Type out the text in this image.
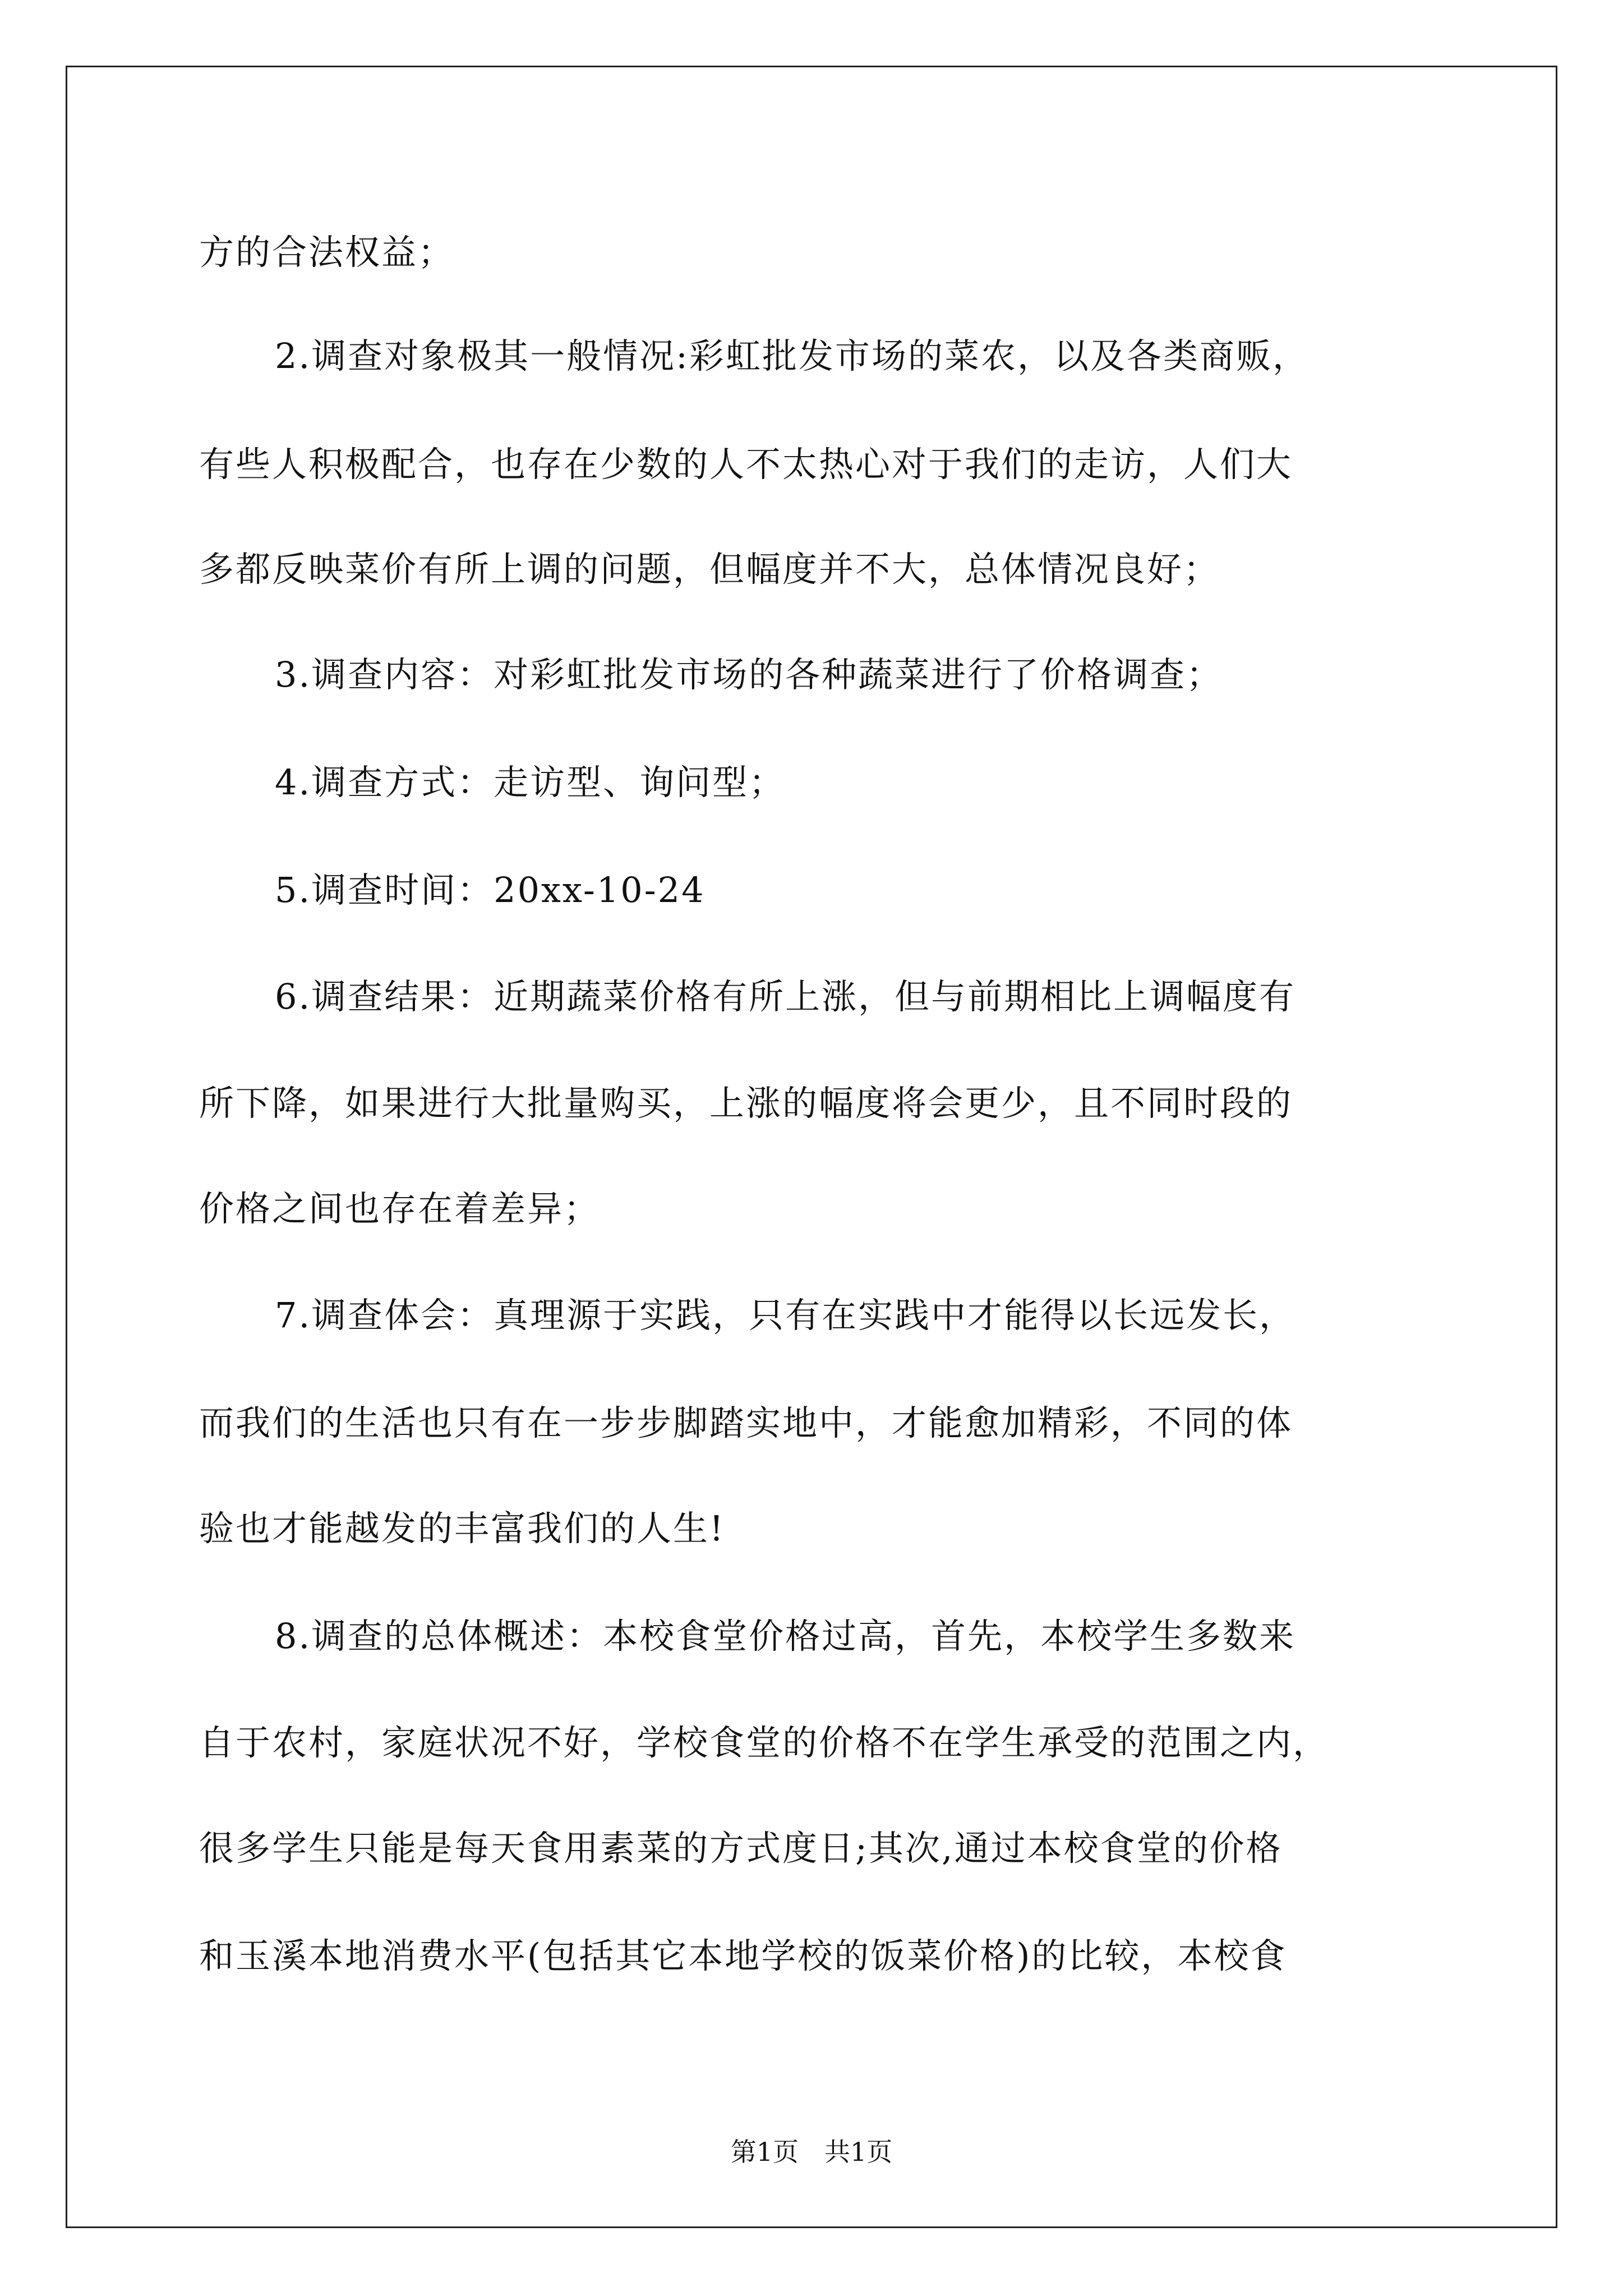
方的合法权益；

2.调查对象极其一般情况:彩虹批发市场的菜农，以及各类商贩，

有些人积极配合，也存在少数的人不太热心对于我们的走访，人们大

多都反映菜价有所上调的问题，但幅度并不大，总体情况良好；

3.调查内容：对彩虹批发市场的各种蔬菜进行了价格调查；

4.调查方式：走访型、询问型；

5.调查时间：20xx-10-24

6.调查结果：近期蔬菜价格有所上涨，但与前期相比上调幅度有

所下降，如果进行大批量购买，上涨的幅度将会更少，且不同时段的

价格之间也存在着差异；

7.调查体会：真理源于实践，只有在实践中才能得以长远发长，

而我们的生活也只有在一步步脚踏实地中，才能愈加精彩，不同的体

验也才能越发的丰富我们的人生!

8.调查的总体概述：本校食堂价格过高，首先，本校学生多数来

自于农村，家庭状况不好，学校食堂的价格不在学生承受的范围之内，

很多学生只能是每天食用素菜的方式度日;其次,通过本校食堂的价格

和玉溪本地消费水平(包括其它本地学校的饭菜价格)的比较，本校食

第1页　共1页
